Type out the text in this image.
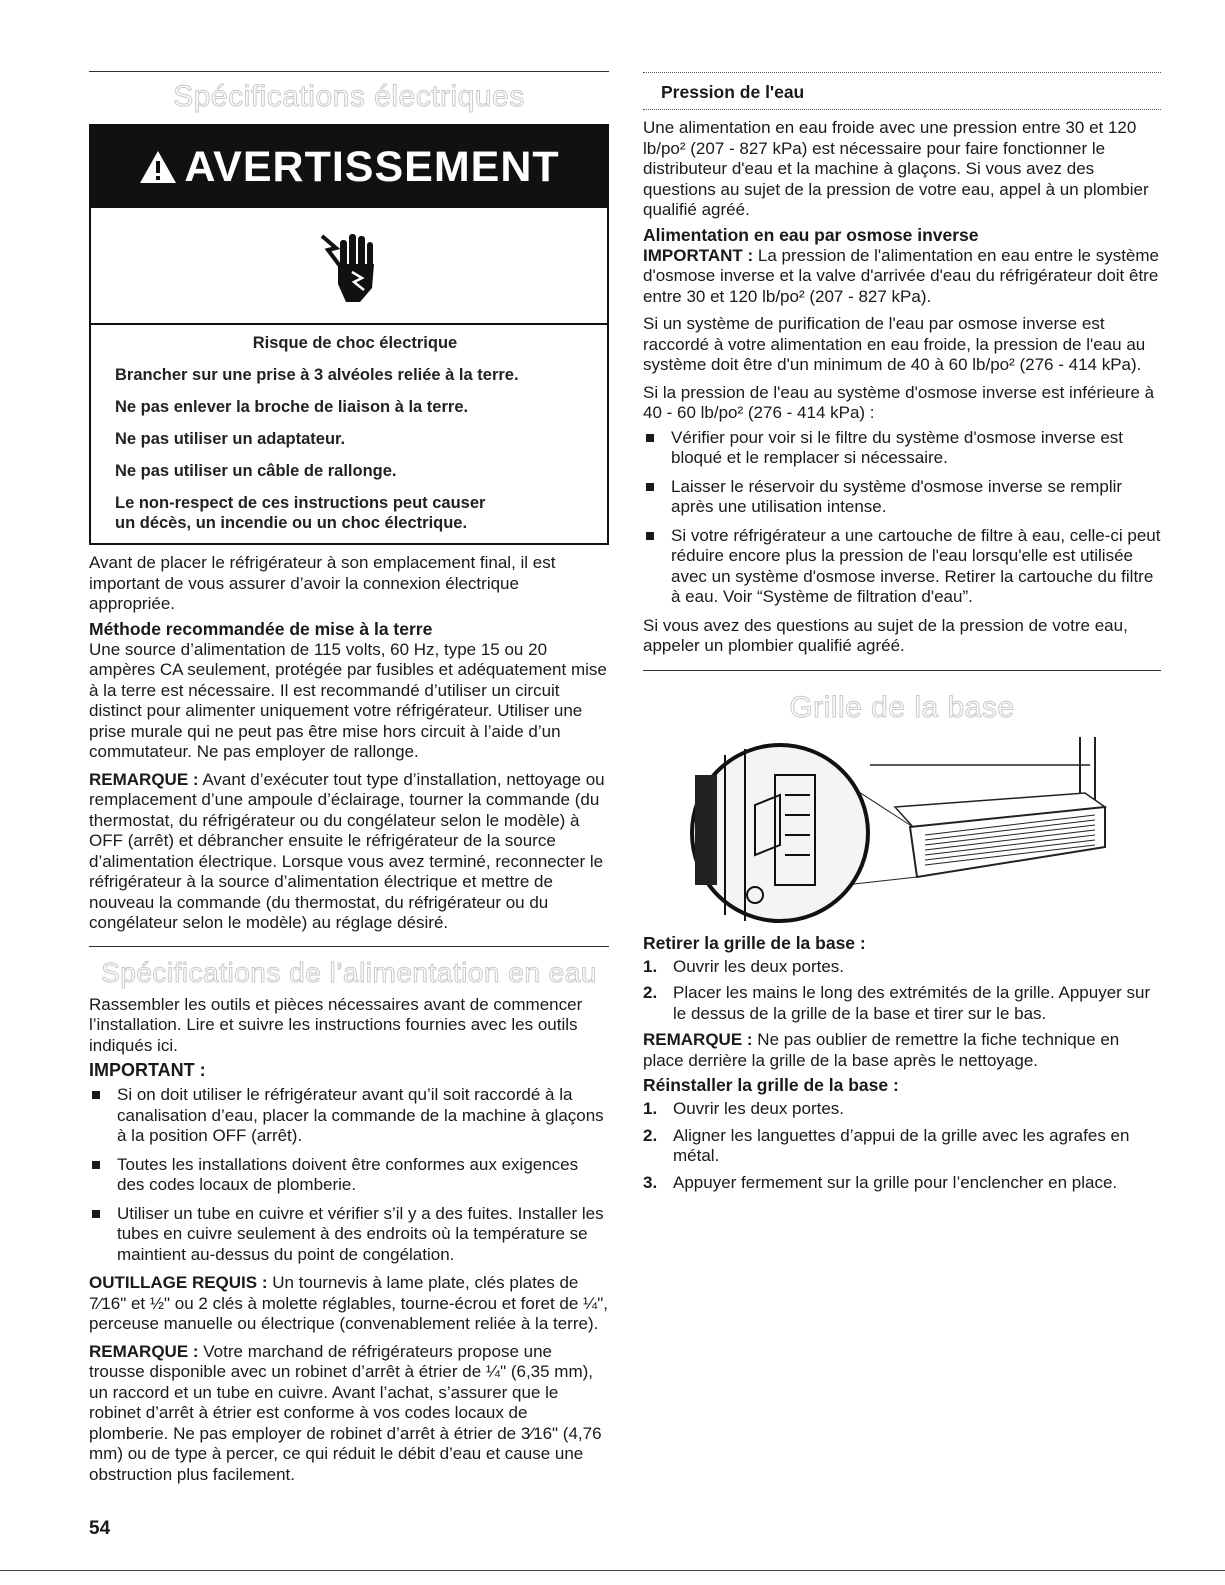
Spécifications électriques
AVERTISSEMENT

Risque de choc électrique

Brancher sur une prise à 3 alvéoles reliée à la terre.

Ne pas enlever la broche de liaison à la terre.

Ne pas utiliser un adaptateur.

Ne pas utiliser un câble de rallonge.

Le non-respect de ces instructions peut causer

un décès, un incendie ou un choc électrique.

Avant de placer le réfrigérateur à son emplacement final, il est important de vous assurer d’avoir la connexion électrique appropriée.

Méthode recommandée de mise à la terre

Une source d’alimentation de 115 volts, 60 Hz, type 15 ou 20 ampères CA seulement, protégée par fusibles et adéquatement mise à la terre est nécessaire. Il est recommandé d’utiliser un circuit distinct pour alimenter uniquement votre réfrigérateur. Utiliser une prise murale qui ne peut pas être mise hors circuit à l’aide d’un commutateur. Ne pas employer de rallonge.

REMARQUE : Avant d’exécuter tout type d’installation, nettoyage ou remplacement d’une ampoule d’éclairage, tourner la commande (du thermostat, du réfrigérateur ou du congélateur selon le modèle) à OFF (arrêt) et débrancher ensuite le réfrigérateur de la source d’alimentation électrique. Lorsque vous avez terminé, reconnecter le réfrigérateur à la source d’alimentation électrique et mettre de nouveau la commande (du thermostat, du réfrigérateur ou du congélateur selon le modèle) au réglage désiré.

Spécifications de l’alimentation en eau

Rassembler les outils et pièces nécessaires avant de commencer l’installation. Lire et suivre les instructions fournies avec les outils indiqués ici.

IMPORTANT :

Si on doit utiliser le réfrigérateur avant qu’il soit raccordé à la canalisation d’eau, placer la commande de la machine à glaçons à la position OFF (arrêt).
Toutes les installations doivent être conformes aux exigences des codes locaux de plomberie.
Utiliser un tube en cuivre et vérifier s’il y a des fuites. Installer les tubes en cuivre seulement à des endroits où la température se maintient au-dessus du point de congélation.

OUTILLAGE REQUIS : Un tournevis à lame plate, clés plates de 7⁄16" et ½" ou 2 clés à molette réglables, tourne-écrou et foret de ¼", perceuse manuelle ou électrique (convenablement reliée à la terre).

REMARQUE : Votre marchand de réfrigérateurs propose une trousse disponible avec un robinet d’arrêt à étrier de ¼" (6,35 mm), un raccord et un tube en cuivre. Avant l’achat, s’assurer que le robinet d’arrêt à étrier est conforme à vos codes locaux de plomberie. Ne pas employer de robinet d’arrêt à étrier de 3⁄16" (4,76 mm) ou de type à percer, ce qui réduit le débit d’eau et cause une obstruction plus facilement.

Pression de l'eau

Une alimentation en eau froide avec une pression entre 30 et 120 lb/po² (207 - 827 kPa) est nécessaire pour faire fonctionner le distributeur d'eau et la machine à glaçons. Si vous avez des questions au sujet de la pression de votre eau, appel à un plombier qualifié agréé.

Alimentation en eau par osmose inverse

IMPORTANT : La pression de l'alimentation en eau entre le système d'osmose inverse et la valve d'arrivée d'eau du réfrigérateur doit être entre 30 et 120 lb/po² (207 - 827 kPa).

Si un système de purification de l'eau par osmose inverse est raccordé à votre alimentation en eau froide, la pression de l'eau au système doit être d'un minimum de 40 à 60 lb/po² (276 - 414 kPa).

Si la pression de l'eau au système d'osmose inverse est inférieure à 40 - 60 lb/po² (276 - 414 kPa) :

Vérifier pour voir si le filtre du système d'osmose inverse est bloqué et le remplacer si nécessaire.
Laisser le réservoir du système d'osmose inverse se remplir après une utilisation intense.
Si votre réfrigérateur a une cartouche de filtre à eau, celle-ci peut réduire encore plus la pression de l'eau lorsqu'elle est utilisée avec un système d'osmose inverse. Retirer la cartouche du filtre à eau. Voir “Système de filtration d'eau”.

Si vous avez des questions au sujet de la pression de votre eau, appeler un plombier qualifié agréé.

Grille de la base

Retirer la grille de la base :

1. Ouvrir les deux portes.
2. Placer les mains le long des extrémités de la grille. Appuyer sur le dessus de la grille de la base et tirer sur le bas.

REMARQUE : Ne pas oublier de remettre la fiche technique en place derrière la grille de la base après le nettoyage.

Réinstaller la grille de la base :

1. Ouvrir les deux portes.
2. Aligner les languettes d’appui de la grille avec les agrafes en métal.
3. Appuyer fermement sur la grille pour l’enclencher en place.
54
